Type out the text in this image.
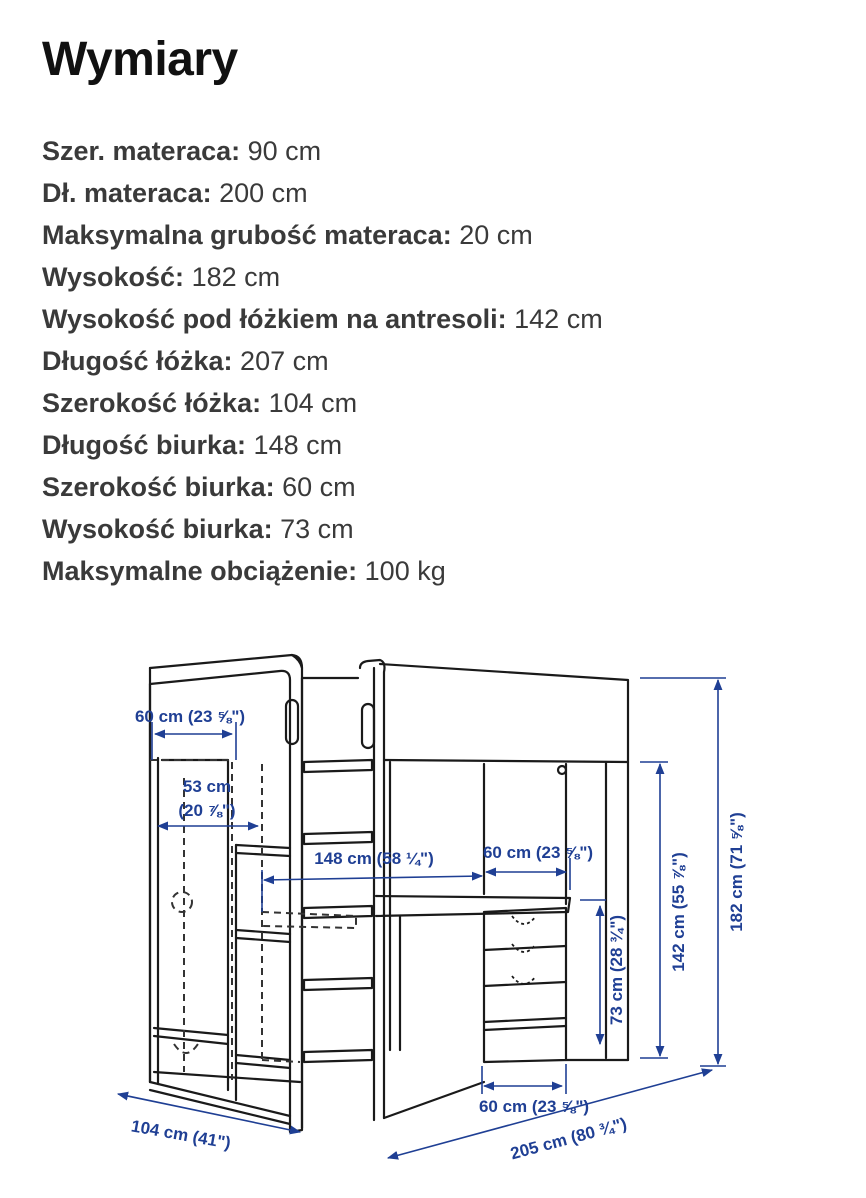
Wymiary
Szer. materaca: 90 cm
Dł. materaca: 200 cm
Maksymalna grubość materaca: 20 cm
Wysokość: 182 cm
Wysokość pod łóżkiem na antresoli: 142 cm
Długość łóżka: 207 cm
Szerokość łóżka: 104 cm
Długość biurka: 148 cm
Szerokość biurka: 60 cm
Wysokość biurka: 73 cm
Maksymalne obciążenie: 100 kg
60 cm (23 ⅝")
53 cm
(20 ⅞")
148 cm (58 ¼")	60 cm (23 ⅝")
60 cm (23 ⅝")
73 cm (28 ¾")	142 cm (55 ⅞") 182 cm (71 ⅝")
104 cm (41")	205 cm (80 ¾")
